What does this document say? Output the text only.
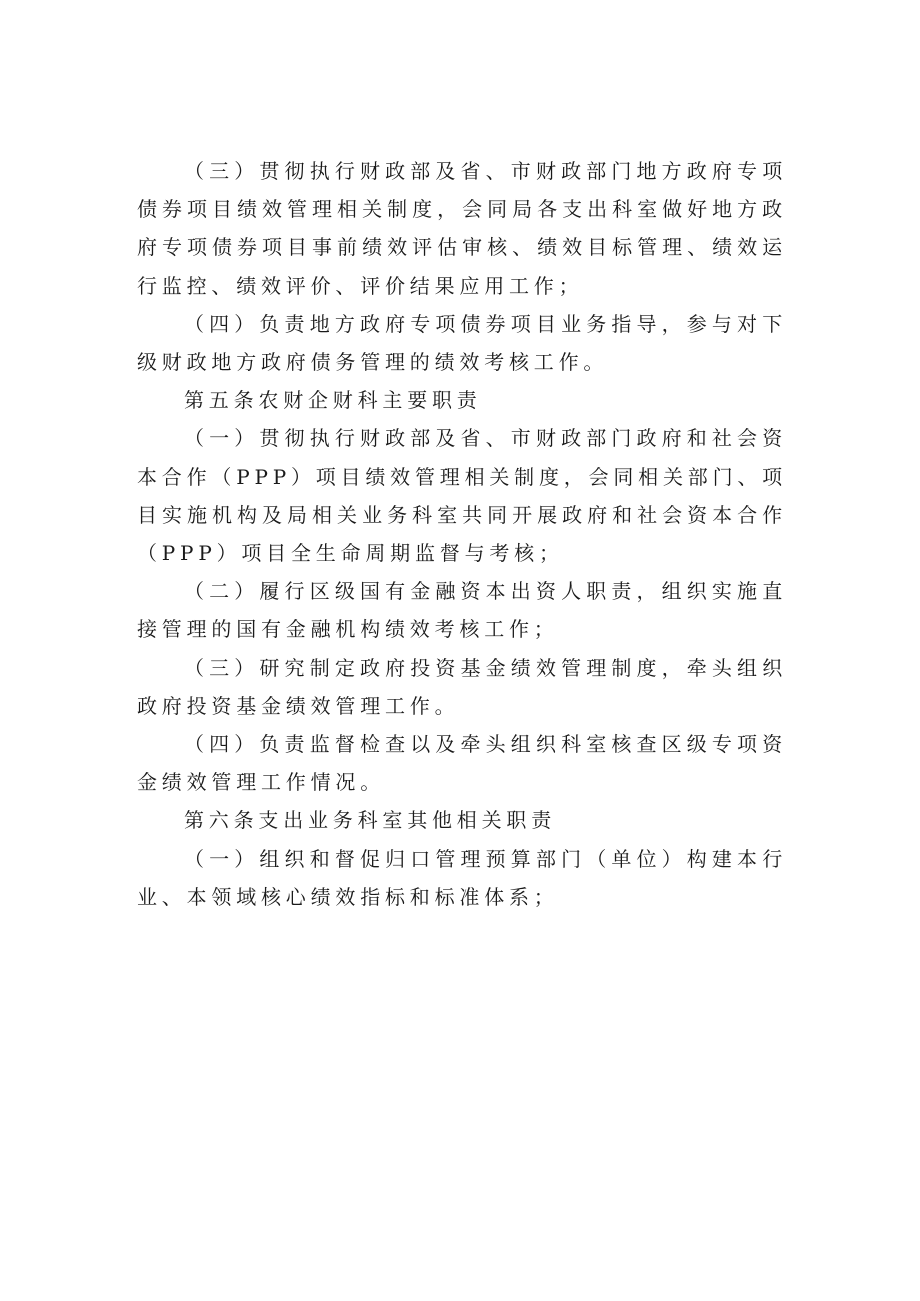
（三）贯彻执行财政部及省、市财政部门地方政府专项债券项目绩效管理相关制度，会同局各支出科室做好地方政府专项债券项目事前绩效评估审核、绩效目标管理、绩效运行监控、绩效评价、评价结果应用工作；

（四）负责地方政府专项债券项目业务指导，参与对下级财政地方政府债务管理的绩效考核工作。

第五条农财企财科主要职责

（一）贯彻执行财政部及省、市财政部门政府和社会资本合作（PPP）项目绩效管理相关制度，会同相关部门、项目实施机构及局相关业务科室共同开展政府和社会资本合作（PPP）项目全生命周期监督与考核；

（二）履行区级国有金融资本出资人职责，组织实施直接管理的国有金融机构绩效考核工作；

（三）研究制定政府投资基金绩效管理制度，牵头组织政府投资基金绩效管理工作。

（四）负责监督检查以及牵头组织科室核查区级专项资金绩效管理工作情况。

第六条支出业务科室其他相关职责

（一）组织和督促归口管理预算部门（单位）构建本行业、本领域核心绩效指标和标准体系；
